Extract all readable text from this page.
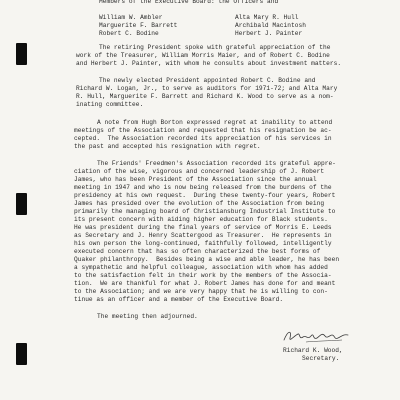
Members of the Executive Board: the Officers and
William W. Ambler
Marguerite F. Barrett
Robert C. Bodine
Alta Mary R. Hull
Archibald Macintosh
Herbert J. Painter
The retiring President spoke with grateful appreciation of the
work of the Treasurer, William Morris Maier, and of Robert C. Bodine
and Herbert J. Painter, with whom he consults about investment matters.
The newly elected President appointed Robert C. Bodine and
Richard W. Logan, Jr., to serve as auditors for 1971-72; and Alta Mary
R. Hull, Marguerite F. Barrett and Richard K. Wood to serve as a nom-
inating committee.
A note from Hugh Borton expressed regret at inability to attend
meetings of the Association and requested that his resignation be ac-
cepted.  The Association recorded its appreciation of his services in
the past and accepted his resignation with regret.
The Friends' Freedmen's Association recorded its grateful appre-
ciation of the wise, vigorous and concerned leadership of J. Robert
James, who has been President of the Association since the annual
meeting in 1947 and who is now being released from the burdens of the
presidency at his own request.  During these twenty-four years, Robert
James has presided over the evolution of the Association from being
primarily the managing board of Christiansburg Industrial Institute to
its present concern with aiding higher education for Black students.
He was president during the final years of service of Morris E. Leeds
as Secretary and J. Henry Scattergood as Treasurer.  He represents in
his own person the long-continued, faithfully followed, intelligently
executed concern that has so often characterized the best forms of
Quaker philanthropy.  Besides being a wise and able leader, he has been
a sympathetic and helpful colleague, association with whom has added
to the satisfaction felt in their work by the members of the Associa-
tion.  We are thankful for what J. Robert James has done for and meant
to the Association; and we are very happy that he is willing to con-
tinue as an officer and a member of the Executive Board.
The meeting then adjourned.
Richard K. Wood,
Secretary.
